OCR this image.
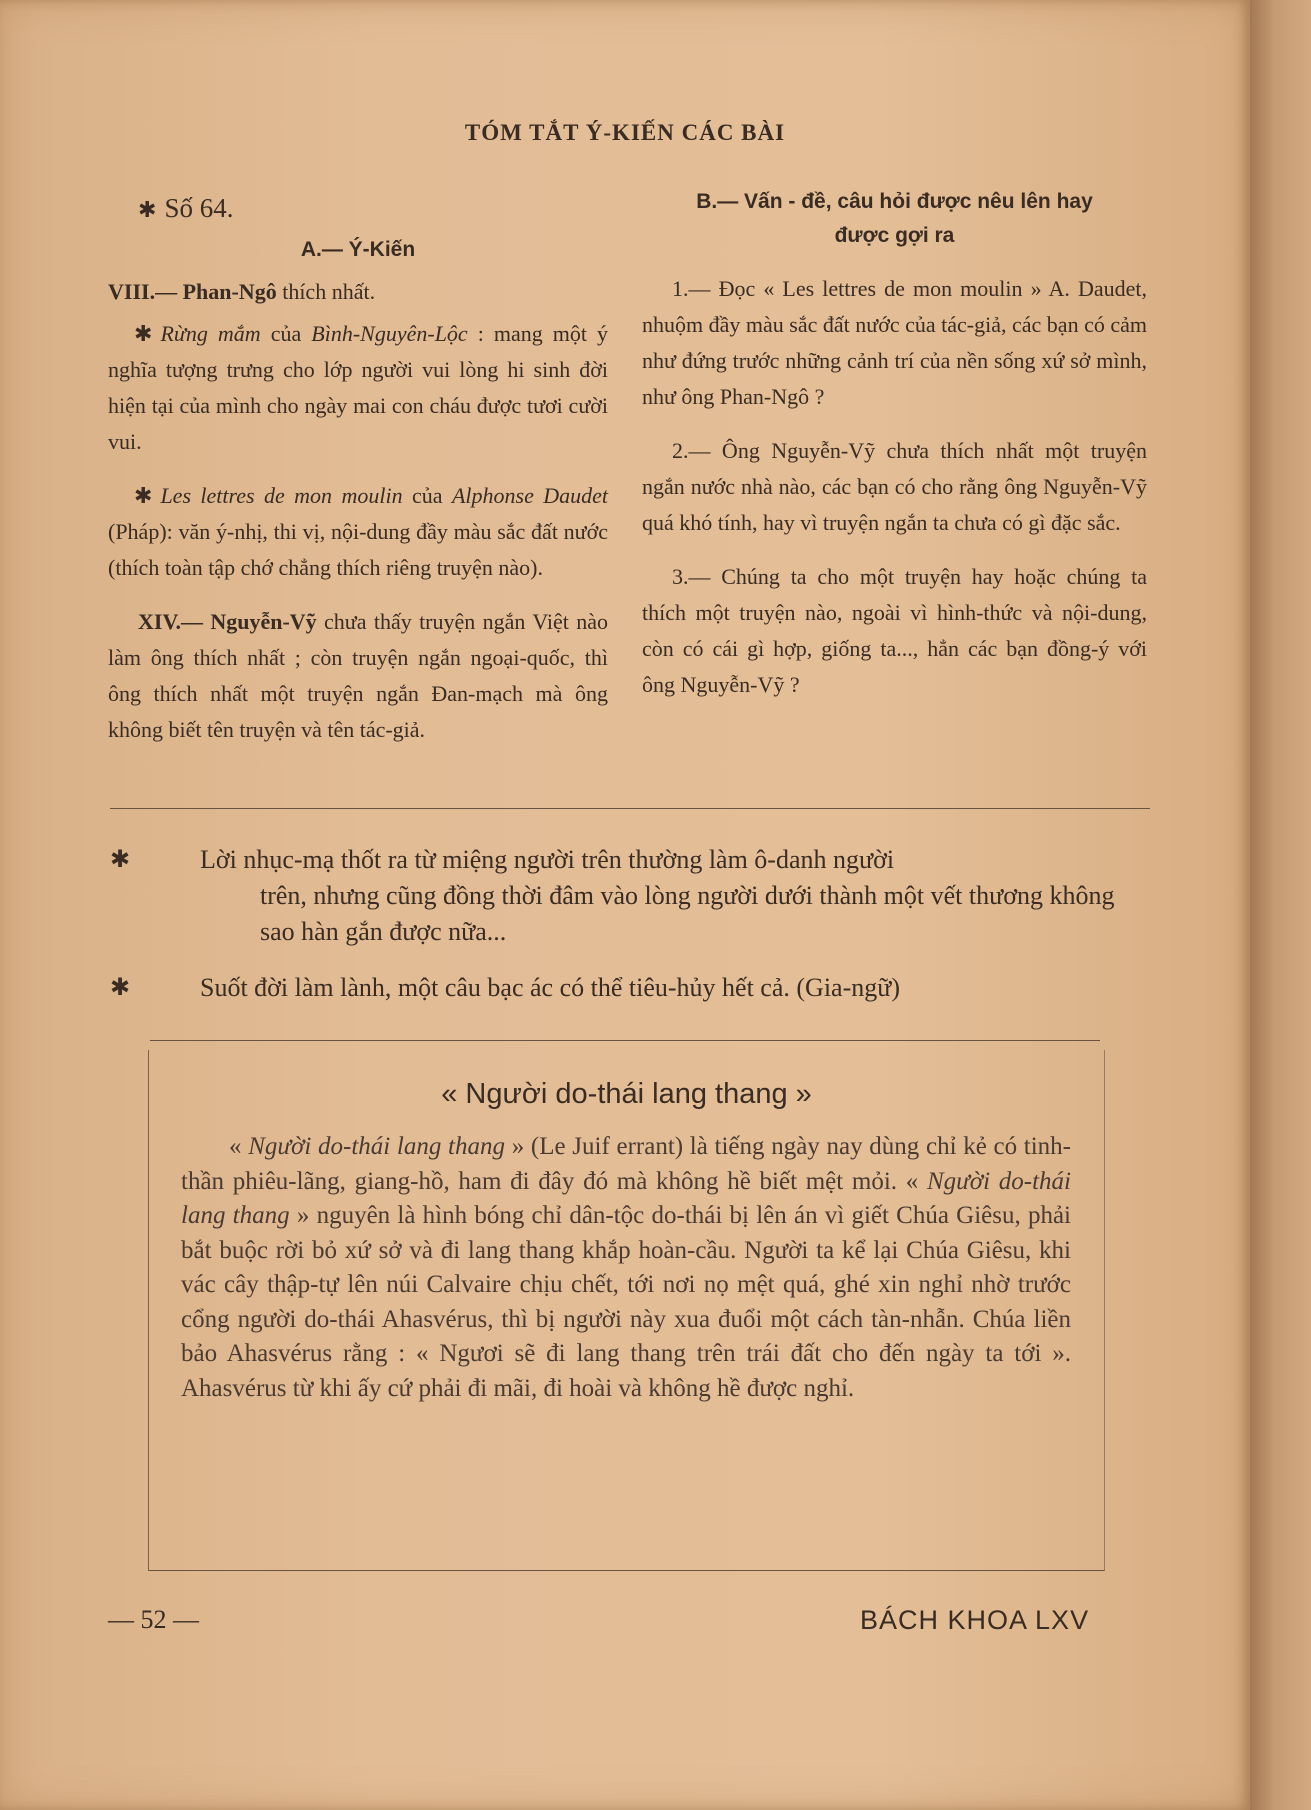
TÓM TẮT Ý-KIẾN CÁC BÀI
✱ Số 64.
A.— Ý-Kiến

VIII.— Phan-Ngô thích nhất.

✱ Rừng mắm của Bình-Nguyên-Lộc : mang một ý nghĩa tượng trưng cho lớp người vui lòng hi sinh đời hiện tại của mình cho ngày mai con cháu được tươi cười vui.

✱ Les lettres de mon moulin của Alphonse Daudet (Pháp): văn ý-nhị, thi vị, nội-dung đầy màu sắc đất nước (thích toàn tập chớ chẳng thích riêng truyện nào).

XIV.— Nguyễn-Vỹ chưa thấy truyện ngắn Việt nào làm ông thích nhất ; còn truyện ngắn ngoại-quốc, thì ông thích nhất một truyện ngắn Đan-mạch mà ông không biết tên truyện và tên tác-giả.

B.— Vấn - đề, câu hỏi được nêu lên hay được gợi ra

1.— Đọc « Les lettres de mon moulin » A. Daudet, nhuộm đầy màu sắc đất nước của tác-giả, các bạn có cảm như đứng trước những cảnh trí của nền sống xứ sở mình, như ông Phan-Ngô ?

2.— Ông Nguyễn-Vỹ chưa thích nhất một truyện ngắn nước nhà nào, các bạn có cho rằng ông Nguyễn-Vỹ quá khó tính, hay vì truyện ngắn ta chưa có gì đặc sắc.

3.— Chúng ta cho một truyện hay hoặc chúng ta thích một truyện nào, ngoài vì hình-thức và nội-dung, còn có cái gì hợp, giống ta..., hẳn các bạn đồng-ý với ông Nguyễn-Vỹ ?

✱	Lời nhục-mạ thốt ra từ miệng người trên thường làm ô-danh người
trên, nhưng cũng đồng thời đâm vào lòng người dưới thành một vết thương không sao hàn gắn được nữa...
✱	Suốt đời làm lành, một câu bạc ác có thể tiêu-hủy hết cả. (Gia-ngữ)
« Người do-thái lang thang »
« Người do-thái lang thang » (Le Juif errant) là tiếng ngày nay dùng chỉ kẻ có tinh-thần phiêu-lãng, giang-hồ, ham đi đây đó mà không hề biết mệt mỏi. « Người do-thái lang thang » nguyên là hình bóng chỉ dân-tộc do-thái bị lên án vì giết Chúa Giêsu, phải bắt buộc rời bỏ xứ sở và đi lang thang khắp hoàn-cầu. Người ta kể lại Chúa Giêsu, khi vác cây thập-tự lên núi Calvaire chịu chết, tới nơi nọ mệt quá, ghé xin nghỉ nhờ trước cổng người do-thái Ahasvérus, thì bị người này xua đuổi một cách tàn-nhẫn. Chúa liền bảo Ahasvérus rằng : « Ngươi sẽ đi lang thang trên trái đất cho đến ngày ta tới ». Ahasvérus từ khi ấy cứ phải đi mãi, đi hoài và không hề được nghỉ.
— 52 —	BÁCH KHOA LXV
